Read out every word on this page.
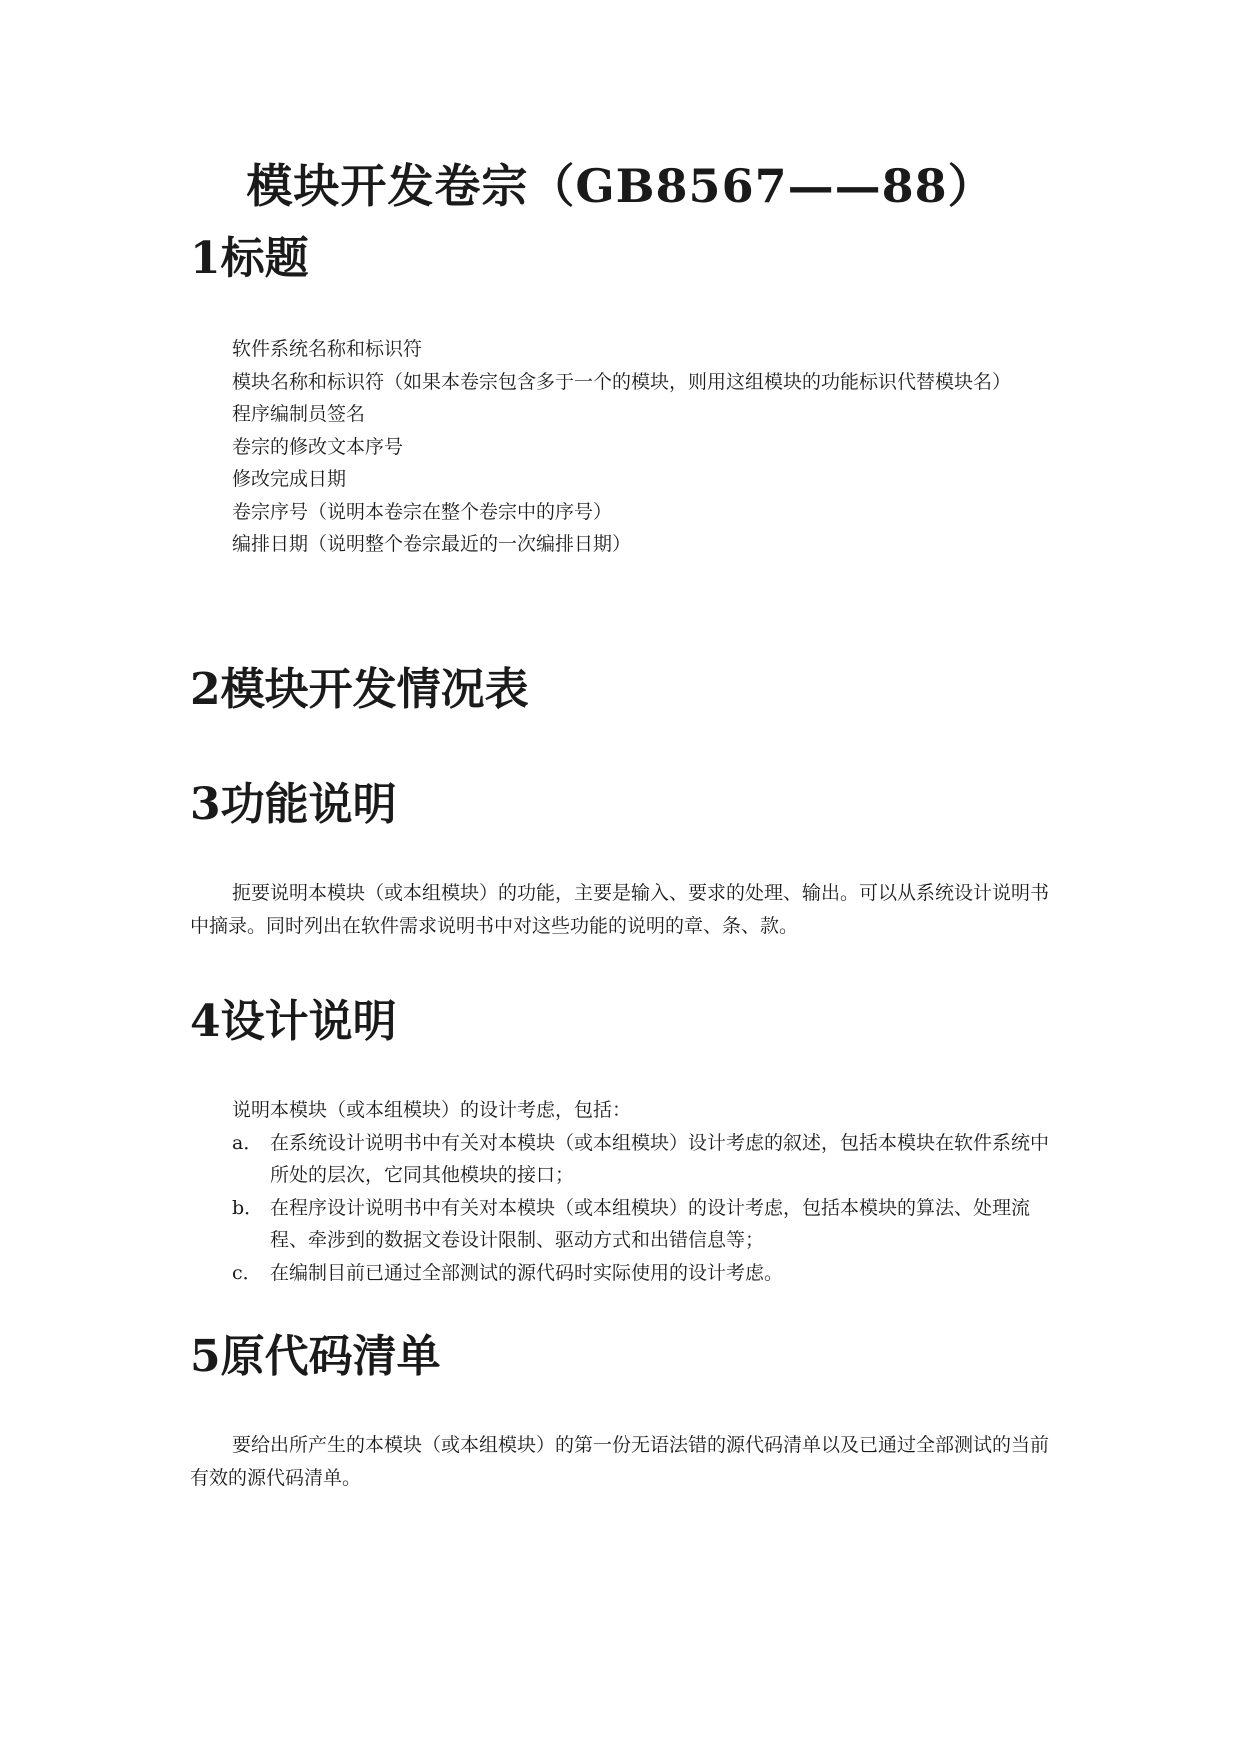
模块开发卷宗（GB8567——88）
1标题

软件系统名称和标识符

模块名称和标识符（如果本卷宗包含多于一个的模块，则用这组模块的功能标识代替模块名）

程序编制员签名

卷宗的修改文本序号

修改完成日期

卷宗序号（说明本卷宗在整个卷宗中的序号）

编排日期（说明整个卷宗最近的一次编排日期）

2模块开发情况表
3功能说明

扼要说明本模块（或本组模块）的功能，主要是输入、要求的处理、输出。可以从系统设计说明书中摘录。同时列出在软件需求说明书中对这些功能的说明的章、条、款。

4设计说明

说明本模块（或本组模块）的设计考虑，包括：

a． 在系统设计说明书中有关对本模块（或本组模块）设计考虑的叙述，包括本模块在软件系统中所处的层次，它同其他模块的接口；
b． 在程序设计说明书中有关对本模块（或本组模块）的设计考虑，包括本模块的算法、处理流程、牵涉到的数据文卷设计限制、驱动方式和出错信息等；
c． 在编制目前已通过全部测试的源代码时实际使用的设计考虑。
5原代码清单

要给出所产生的本模块（或本组模块）的第一份无语法错的源代码清单以及已通过全部测试的当前有效的源代码清单。
